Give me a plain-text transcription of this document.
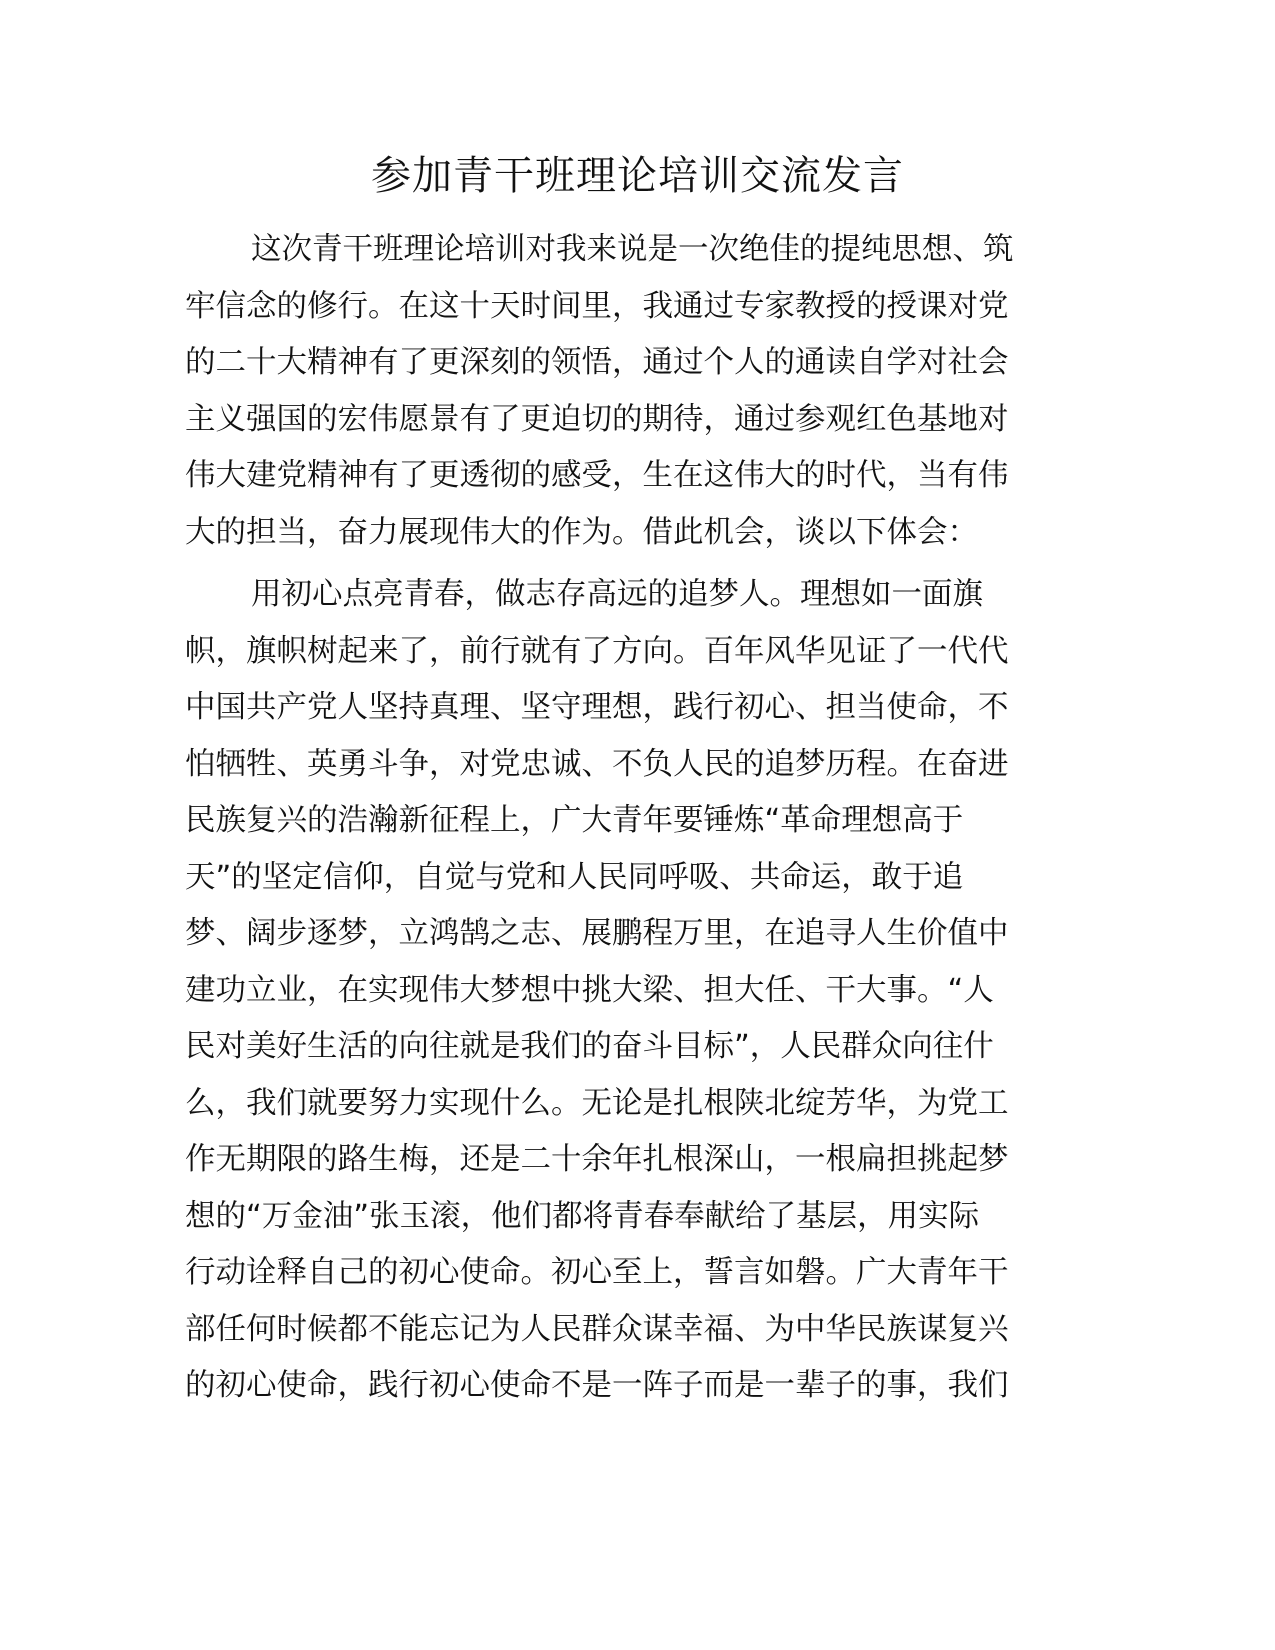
参加青干班理论培训交流发言
这次青干班理论培训对我来说是一次绝佳的提纯思想、筑
牢信念的修行。在这十天时间里，我通过专家教授的授课对党
的二十大精神有了更深刻的领悟，通过个人的通读自学对社会
主义强国的宏伟愿景有了更迫切的期待，通过参观红色基地对
伟大建党精神有了更透彻的感受，生在这伟大的时代，当有伟
大的担当，奋力展现伟大的作为。借此机会，谈以下体会：
用初心点亮青春，做志存高远的追梦人。理想如一面旗
帜，旗帜树起来了，前行就有了方向。百年风华见证了一代代
中国共产党人坚持真理、坚守理想，践行初心、担当使命，不
怕牺牲、英勇斗争，对党忠诚、不负人民的追梦历程。在奋进
民族复兴的浩瀚新征程上，广大青年要锤炼“革命理想高于
天”的坚定信仰，自觉与党和人民同呼吸、共命运，敢于追
梦、阔步逐梦，立鸿鹄之志、展鹏程万里，在追寻人生价值中
建功立业，在实现伟大梦想中挑大梁、担大任、干大事。“人
民对美好生活的向往就是我们的奋斗目标”，人民群众向往什
么，我们就要努力实现什么。无论是扎根陕北绽芳华，为党工
作无期限的路生梅，还是二十余年扎根深山，一根扁担挑起梦
想的“万金油”张玉滚，他们都将青春奉献给了基层，用实际
行动诠释自己的初心使命。初心至上，誓言如磐。广大青年干
部任何时候都不能忘记为人民群众谋幸福、为中华民族谋复兴
的初心使命，践行初心使命不是一阵子而是一辈子的事，我们
